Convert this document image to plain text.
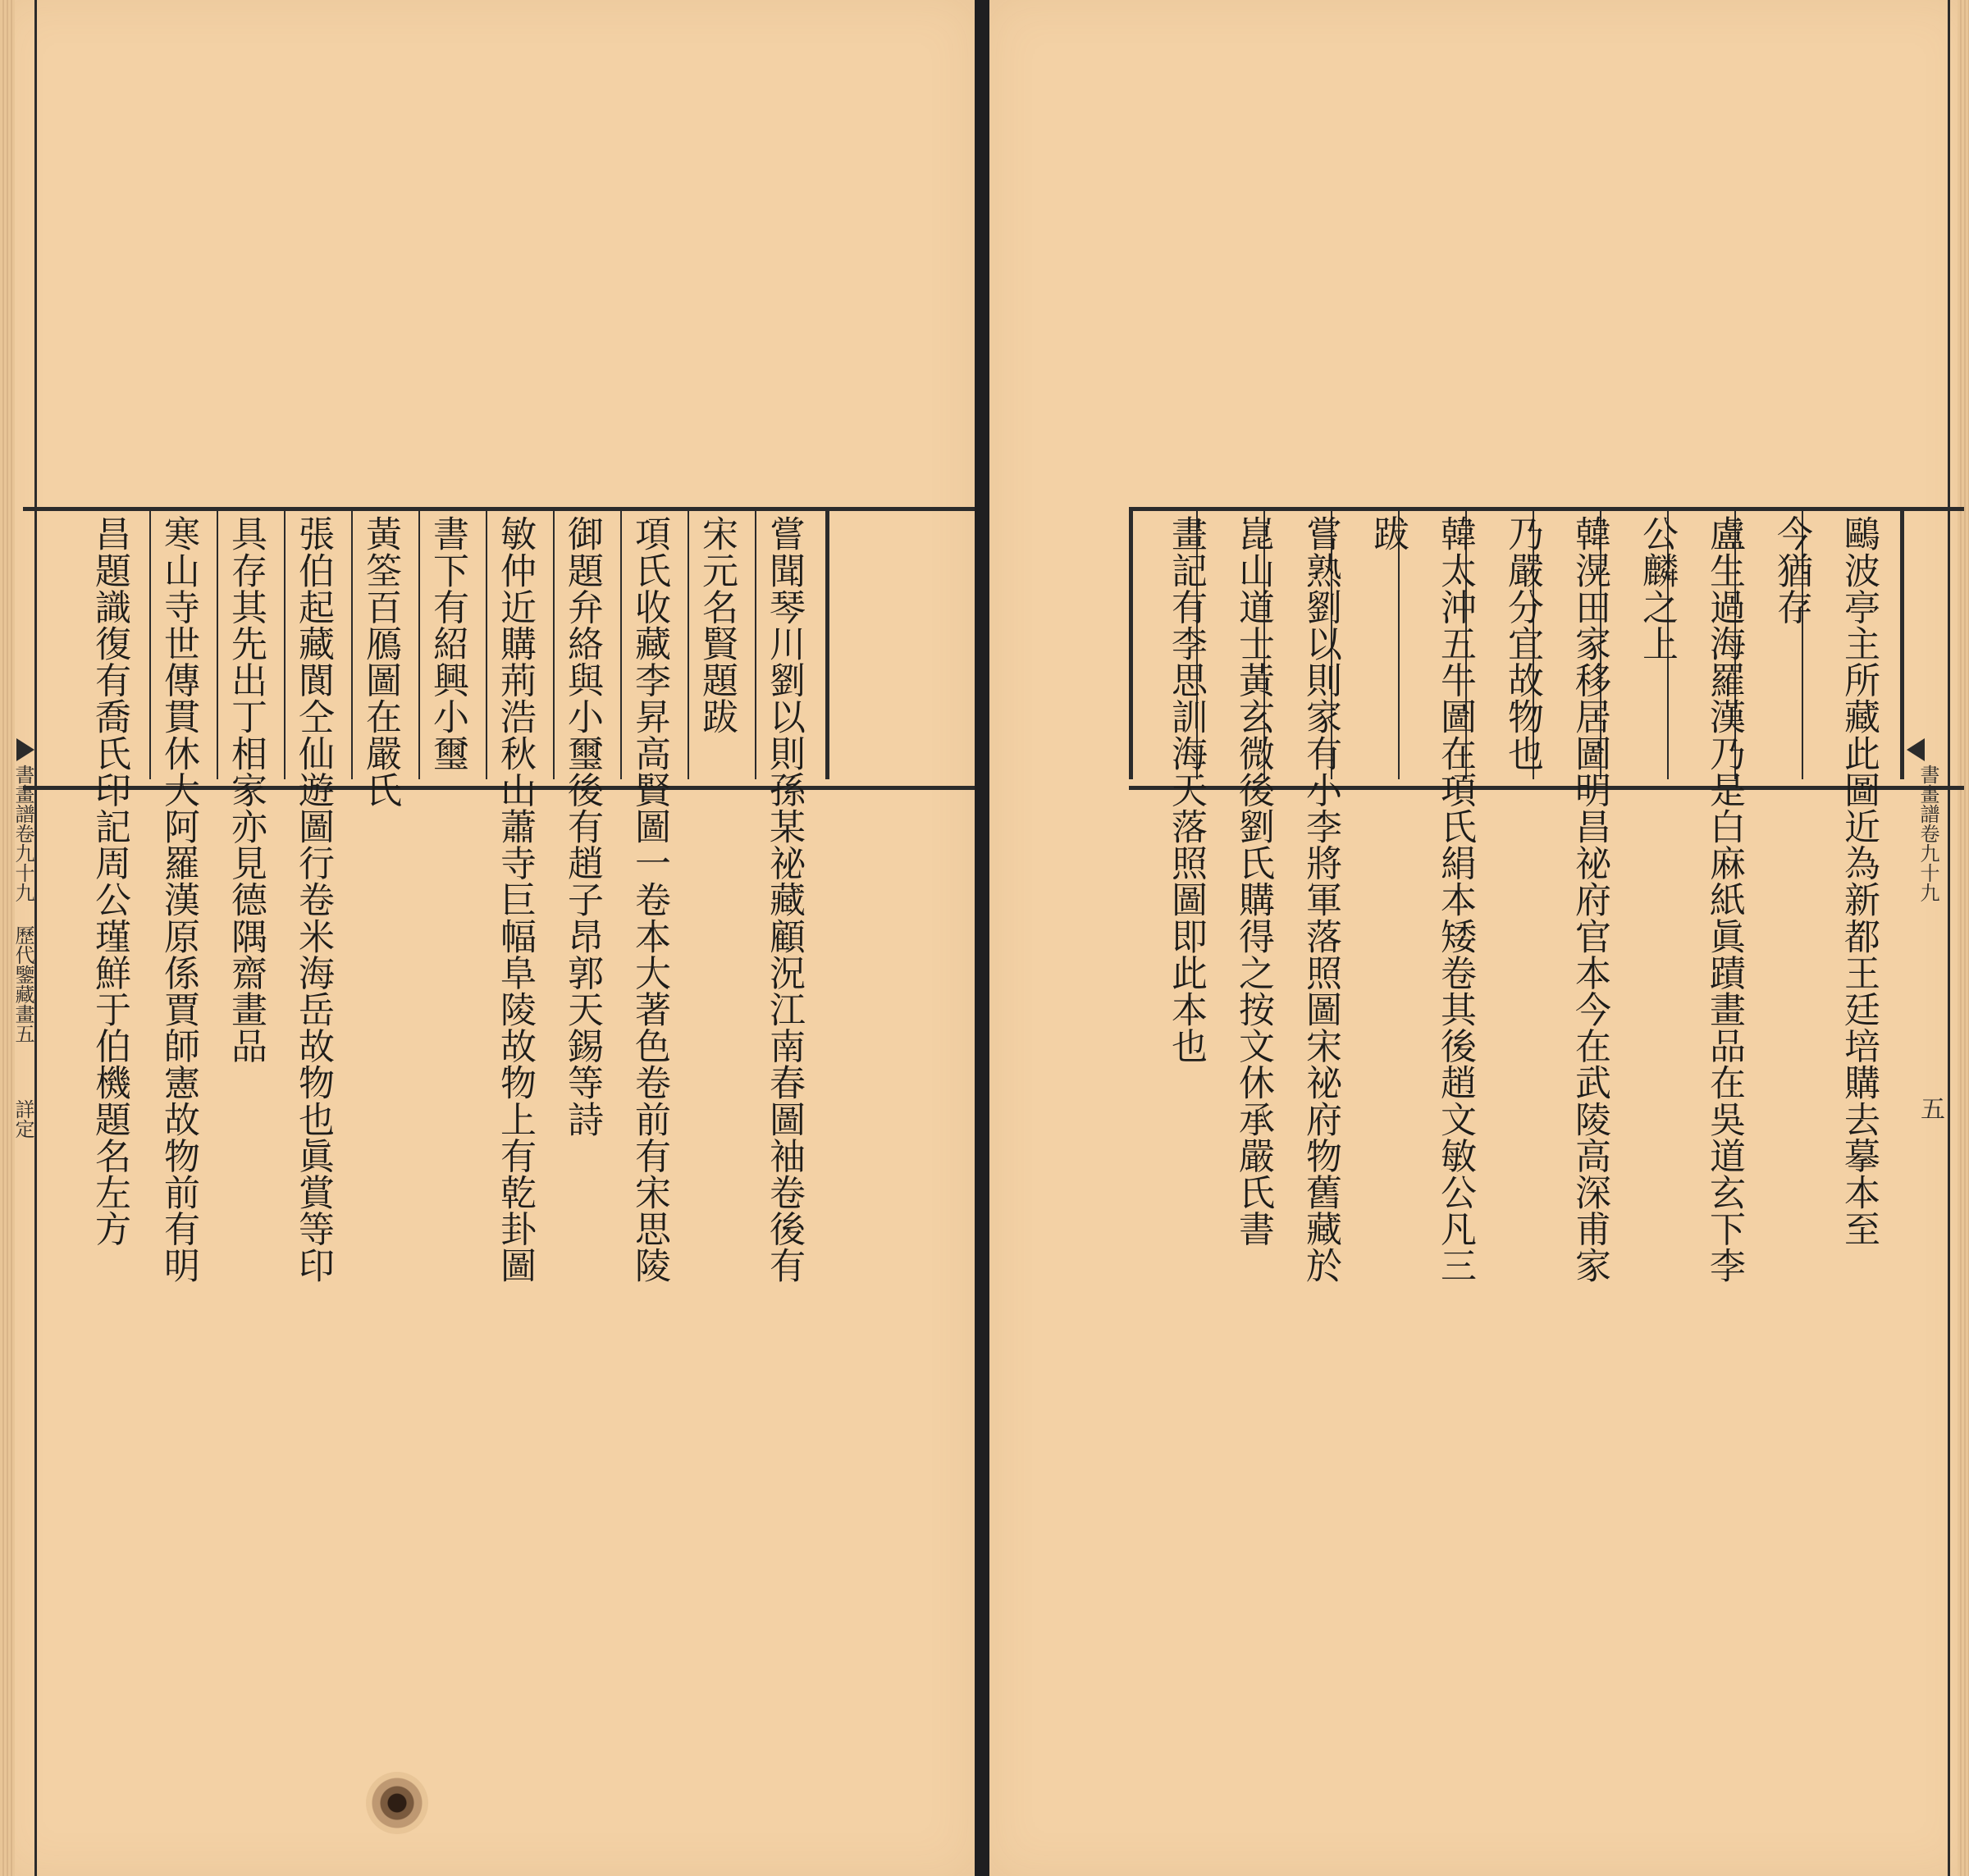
嘗聞琴川劉以則孫某祕藏顧況江南春圖袖卷後有
宋元名賢題跋
項氏收藏李昇高賢圖一卷本大著色卷前有宋思陵
御題弁絡與小璽後有趙子昂郭天錫等詩
敏仲近購荊浩秋山蕭寺巨幅阜陵故物上有乾卦圖
書下有紹興小璽
黃筌百鴈圖在嚴氏
張伯起藏閬仝仙遊圖行卷米海岳故物也眞賞等印
具存其先出丁相家亦見德隅齋畫品
寒山寺世傳貫休大阿羅漢原係賈師憲故物前有明
昌題識復有喬氏印記周公瑾鮮于伯機題名左方
書畫譜卷九十九 歷代鑒藏畫五
詳定	鷗波亭主所藏此圖近為新都王廷培購去摹本至
今猶存
盧生過海羅漢乃是白麻紙眞蹟畫品在吳道玄下李
公麟之上
韓滉田家移居圖明昌祕府官本今在武陵高深甫家
乃嚴分宜故物也
韓太沖五牛圖在項氏絹本矮卷其後趙文敏公凡三
跋
嘗熟劉以則家有小李將軍落照圖宋祕府物舊藏於
崑山道士黃玄微後劉氏購得之按文休承嚴氏書
畫記有李思訓海天落照圖即此本也	書畫譜卷九十九
五
